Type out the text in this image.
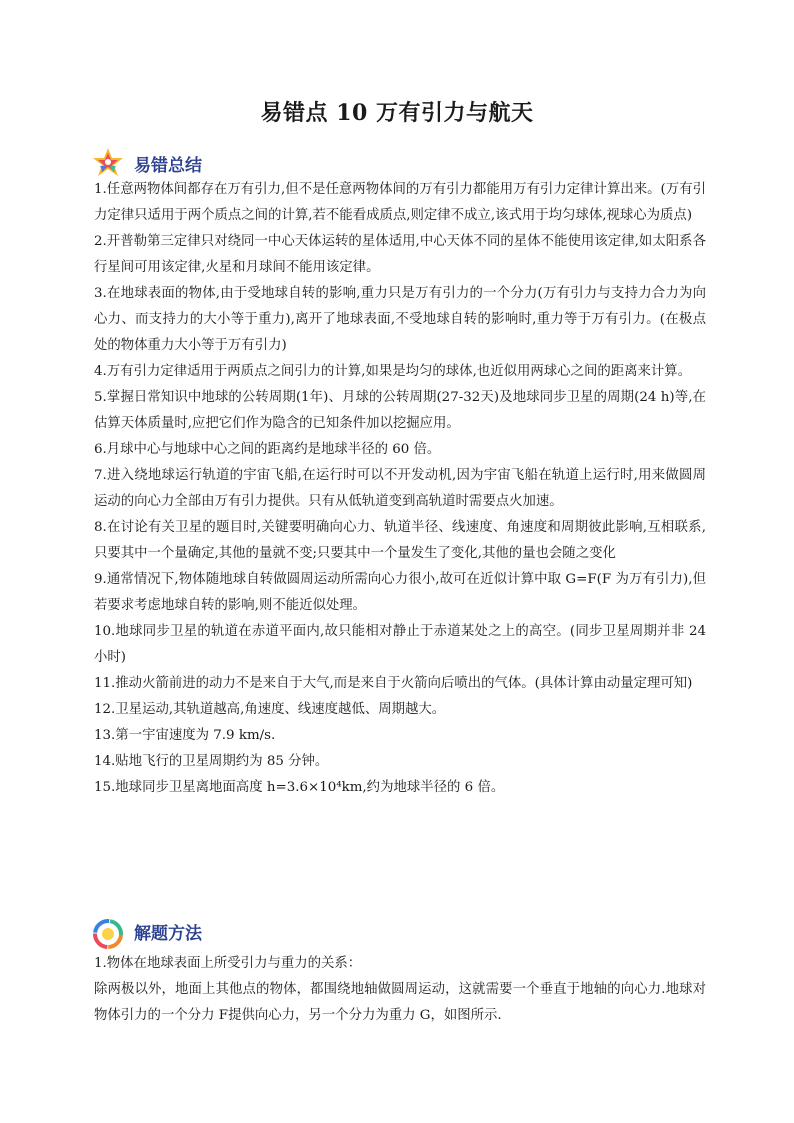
易错点 10 万有引力与航天
易错总结

1.任意两物体间都存在万有引力,但不是任意两物体间的万有引力都能用万有引力定律计算出来。(万有引力定律只适用于两个质点之间的计算,若不能看成质点,则定律不成立,该式用于均匀球体,视球心为质点)

2.开普勒第三定律只对绕同一中心天体运转的星体适用,中心天体不同的星体不能使用该定律,如太阳系各行星间可用该定律,火星和月球间不能用该定律。

3.在地球表面的物体,由于受地球自转的影响,重力只是万有引力的一个分力(万有引力与支持力合力为向心力、而支持力的大小等于重力),离开了地球表面,不受地球自转的影响时,重力等于万有引力。(在极点处的物体重力大小等于万有引力)

4.万有引力定律适用于两质点之间引力的计算,如果是均匀的球体,也近似用两球心之间的距离来计算。

5.掌握日常知识中地球的公转周期(1年)、月球的公转周期(27-32天)及地球同步卫星的周期(24 h)等,在估算天体质量时,应把它们作为隐含的已知条件加以挖掘应用。

6.月球中心与地球中心之间的距离约是地球半径的 60 倍。

7.进入绕地球运行轨道的宇宙飞船,在运行时可以不开发动机,因为宇宙飞船在轨道上运行时,用来做圆周运动的向心力全部由万有引力提供。只有从低轨道变到高轨道时需要点火加速。

8.在讨论有关卫星的题目时,关键要明确向心力、轨道半径、线速度、角速度和周期彼此影响,互相联系,只要其中一个量确定,其他的量就不变;只要其中一个量发生了变化,其他的量也会随之变化

9.通常情况下,物体随地球自转做圆周运动所需向心力很小,故可在近似计算中取 G=F(F 为万有引力),但若要求考虑地球自转的影响,则不能近似处理。

10.地球同步卫星的轨道在赤道平面内,故只能相对静止于赤道某处之上的高空。(同步卫星周期并非 24 小时)

11.推动火箭前进的动力不是来自于大气,而是来自于火箭向后喷出的气体。(具体计算由动量定理可知)

12.卫星运动,其轨道越高,角速度、线速度越低、周期越大。

13.第一宇宙速度为 7.9 km/s.

14.贴地飞行的卫星周期约为 85 分钟。

15.地球同步卫星离地面高度 h=3.6×10⁴km,约为地球半径的 6 倍。

解题方法

1.物体在地球表面上所受引力与重力的关系：

除两极以外，地面上其他点的物体，都围绕地轴做圆周运动，这就需要一个垂直于地轴的向心力.地球对物体引力的一个分力 F提供向心力，另一个分力为重力 G，如图所示.
